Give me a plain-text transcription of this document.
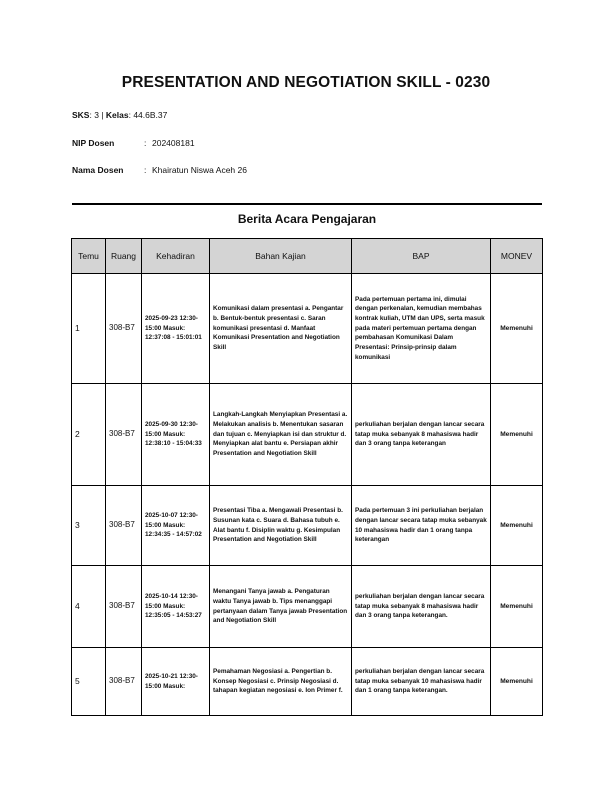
PRESENTATION AND NEGOTIATION SKILL - 0230
SKS: 3 | Kelas: 44.6B.37
NIP Dosen	: 202408181
Nama Dosen : Khairatun Niswa Aceh 26
Berita Acara Pengajaran
Temu	Ruang	Kehadiran	Bahan Kajian	BAP	MONEV
1	308-B7	2025-09-23 12:30-15:00 Masuk: 12:37:08 - 15:01:01	Komunikasi dalam presentasi a. Pengantar b. Bentuk-bentuk presentasi c. Saran komunikasi presentasi d. Manfaat Komunikasi Presentation and Negotiation Skill	Pada pertemuan pertama ini, dimulai dengan perkenalan, kemudian membahas kontrak kuliah, UTM dan UPS, serta masuk pada materi pertemuan pertama dengan pembahasan Komunikasi Dalam Presentasi: Prinsip-prinsip dalam komunikasi	Memenuhi
2	308-B7	2025-09-30 12:30-15:00 Masuk: 12:38:10 - 15:04:33	Langkah-Langkah Menyiapkan Presentasi a. Melakukan analisis b. Menentukan sasaran dan tujuan c. Menyiapkan isi dan struktur d. Menyiapkan alat bantu e. Persiapan akhir Presentation and Negotiation Skill	perkuliahan berjalan dengan lancar secara tatap muka sebanyak 8 mahasiswa hadir dan 3 orang tanpa keterangan	Memenuhi
3	308-B7	2025-10-07 12:30-15:00 Masuk: 12:34:35 - 14:57:02	Presentasi Tiba a. Mengawali Presentasi b. Susunan kata c. Suara d. Bahasa tubuh e. Alat bantu f. Disiplin waktu g. Kesimpulan Presentation and Negotiation Skill	Pada pertemuan 3 ini perkuliahan berjalan dengan lancar secara tatap muka sebanyak 10 mahasiswa hadir dan 1 orang tanpa keterangan	Memenuhi
4	308-B7	2025-10-14 12:30-15:00 Masuk: 12:35:05 - 14:53:27	Menangani Tanya jawab a. Pengaturan waktu Tanya jawab b. Tips menanggapi pertanyaan dalam Tanya jawab Presentation and Negotiation Skill	perkuliahan berjalan dengan lancar secara tatap muka sebanyak 8 mahasiswa hadir dan 3 orang tanpa keterangan.	Memenuhi
5	308-B7	2025-10-21 12:30-15:00 Masuk:	Pemahaman Negosiasi a. Pengertian b. Konsep Negosiasi c. Prinsip Negosiasi d. tahapan kegiatan negosiasi e. Ion Primer f.	perkuliahan berjalan dengan lancar secara tatap muka sebanyak 10 mahasiswa hadir dan 1 orang tanpa keterangan.	Memenuhi
